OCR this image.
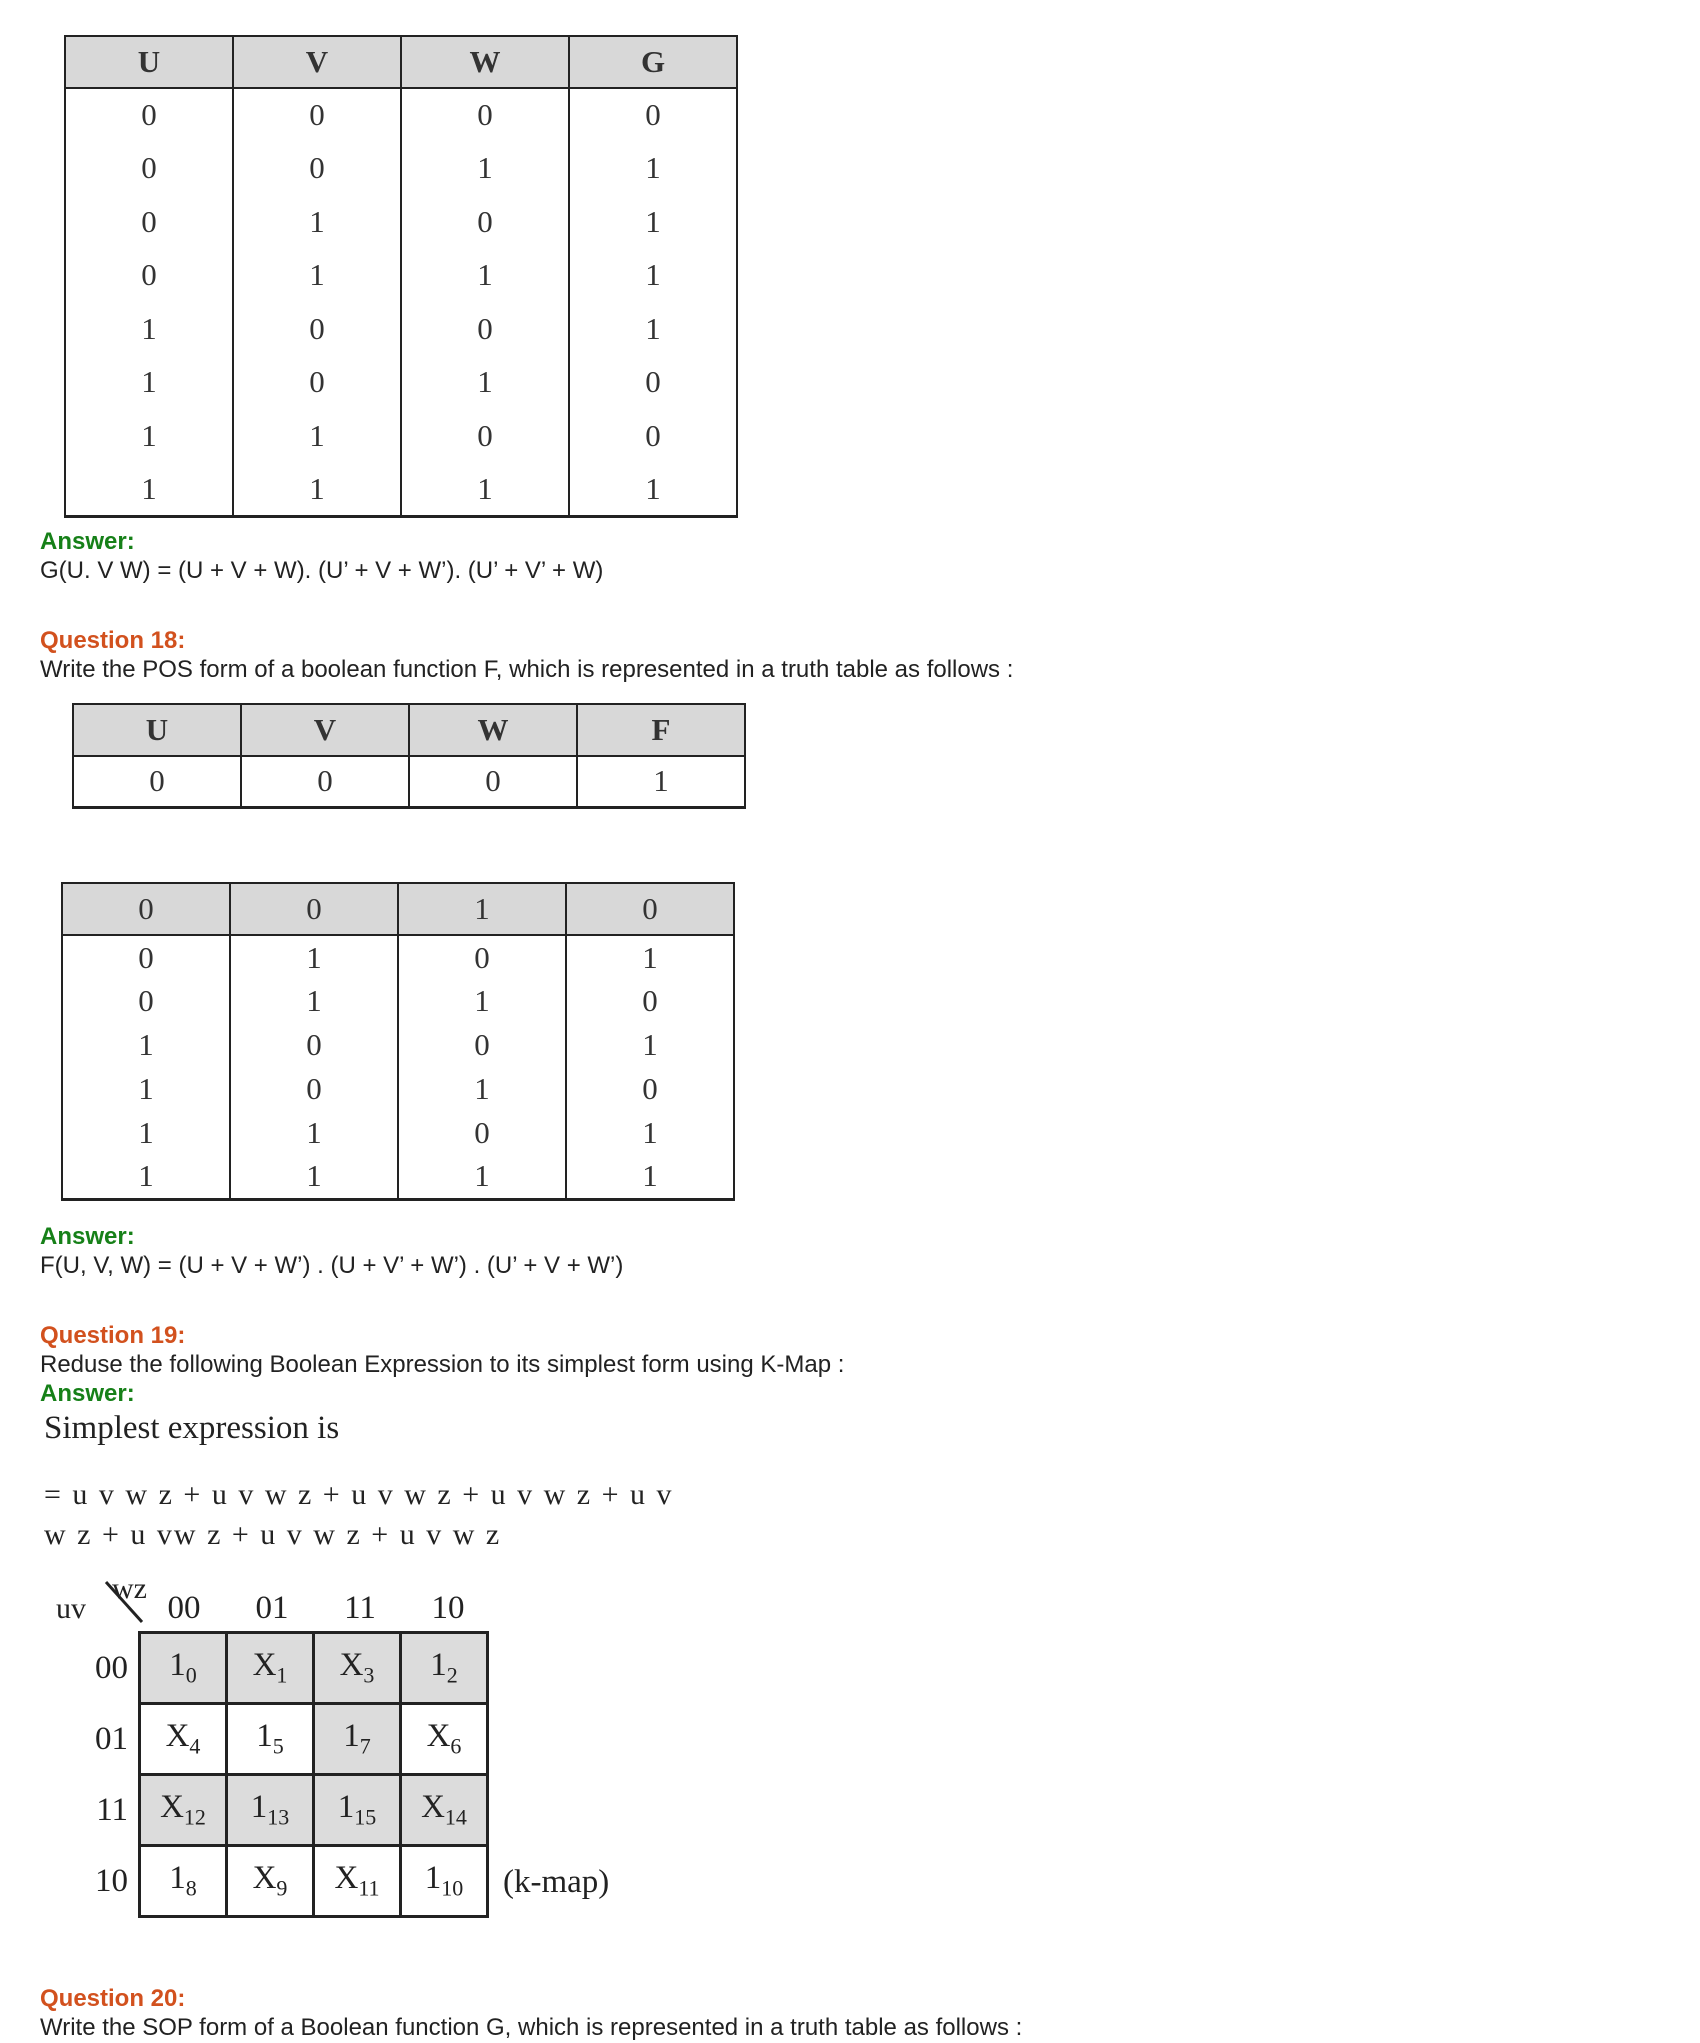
U	V	W	G
0	0	0	0
0	0	1	1
0	1	0	1
0	1	1	1
1	0	0	1
1	0	1	0
1	1	0	0
1	1	1	1
Answer:
G(U. V W) = (U + V + W). (U’ + V + W’). (U’ + V’ + W)
Question 18:
Write the POS form of a boolean function F, which is represented in a truth table as follows :
U	V	W	F
0	0	0	1
0	0	1	0
0	1	0	1
0	1	1	0
1	0	0	1
1	0	1	0
1	1	0	1
1	1	1	1
Answer:
F(U, V, W) = (U + V + W’) . (U + V’ + W’) . (U’ + V + W’)
Question 19:
Reduse the following Boolean Expression to its simplest form using K-Map :
Answer:
Simplest expression is
= u v w z + u v w z + u v w z + u v w z + u v
w z + u vw z + u v w z + u v w z
wz
uv	00	01	11	10
00	$1_0$	$X_1$	$X_3$	$1_2$
01	$X_4$	$1_5$	$1_7$	$X_6$
11	$X_{12}$	$1_{13}$	$1_{15}$	$X_{14}$
10	$1_8$	$X_9$	$X_{11}$	$1_{10}$ (k-map)
Question 20:
Write the SOP form of a Boolean function G, which is represented in a truth table as follows :
